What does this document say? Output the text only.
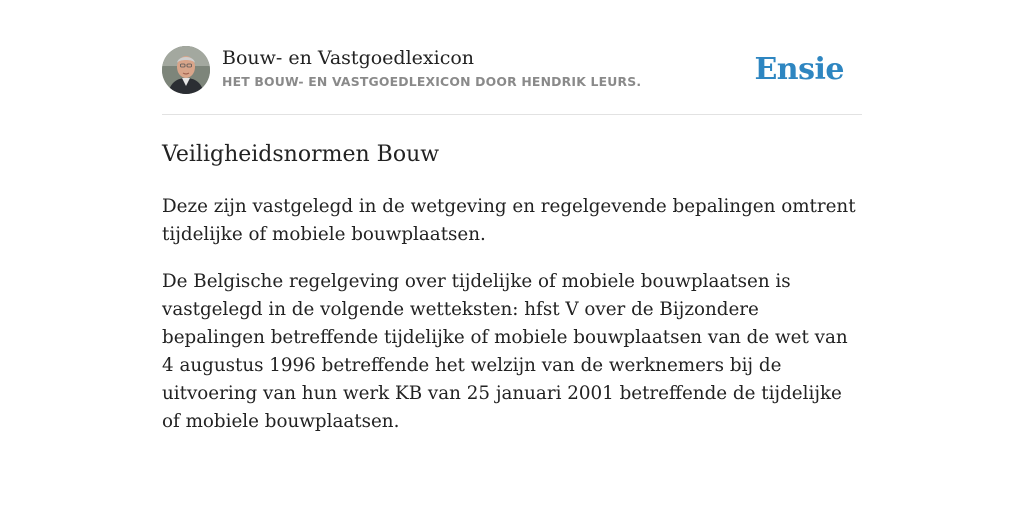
Bouw- en Vastgoedlexicon
HET BOUW- EN VASTGOEDLEXICON DOOR HENDRIK LEURS.	Ensie
Veiligheidsnormen Bouw

Deze zijn vastgelegd in de wetgeving en regelgevende bepalingen omtrent tijdelijke of mobiele bouwplaatsen.

De Belgische regelgeving over tijdelijke of mobiele bouwplaatsen is vastgelegd in de volgende wetteksten: hfst V over de Bijzondere bepalingen betreffende tijdelijke of mobiele bouwplaatsen van de wet van 4 augustus 1996 betreffende het welzijn van de werknemers bij de uitvoering van hun werk KB van 25 januari 2001 betreffende de tijdelijke of mobiele bouwplaatsen.
